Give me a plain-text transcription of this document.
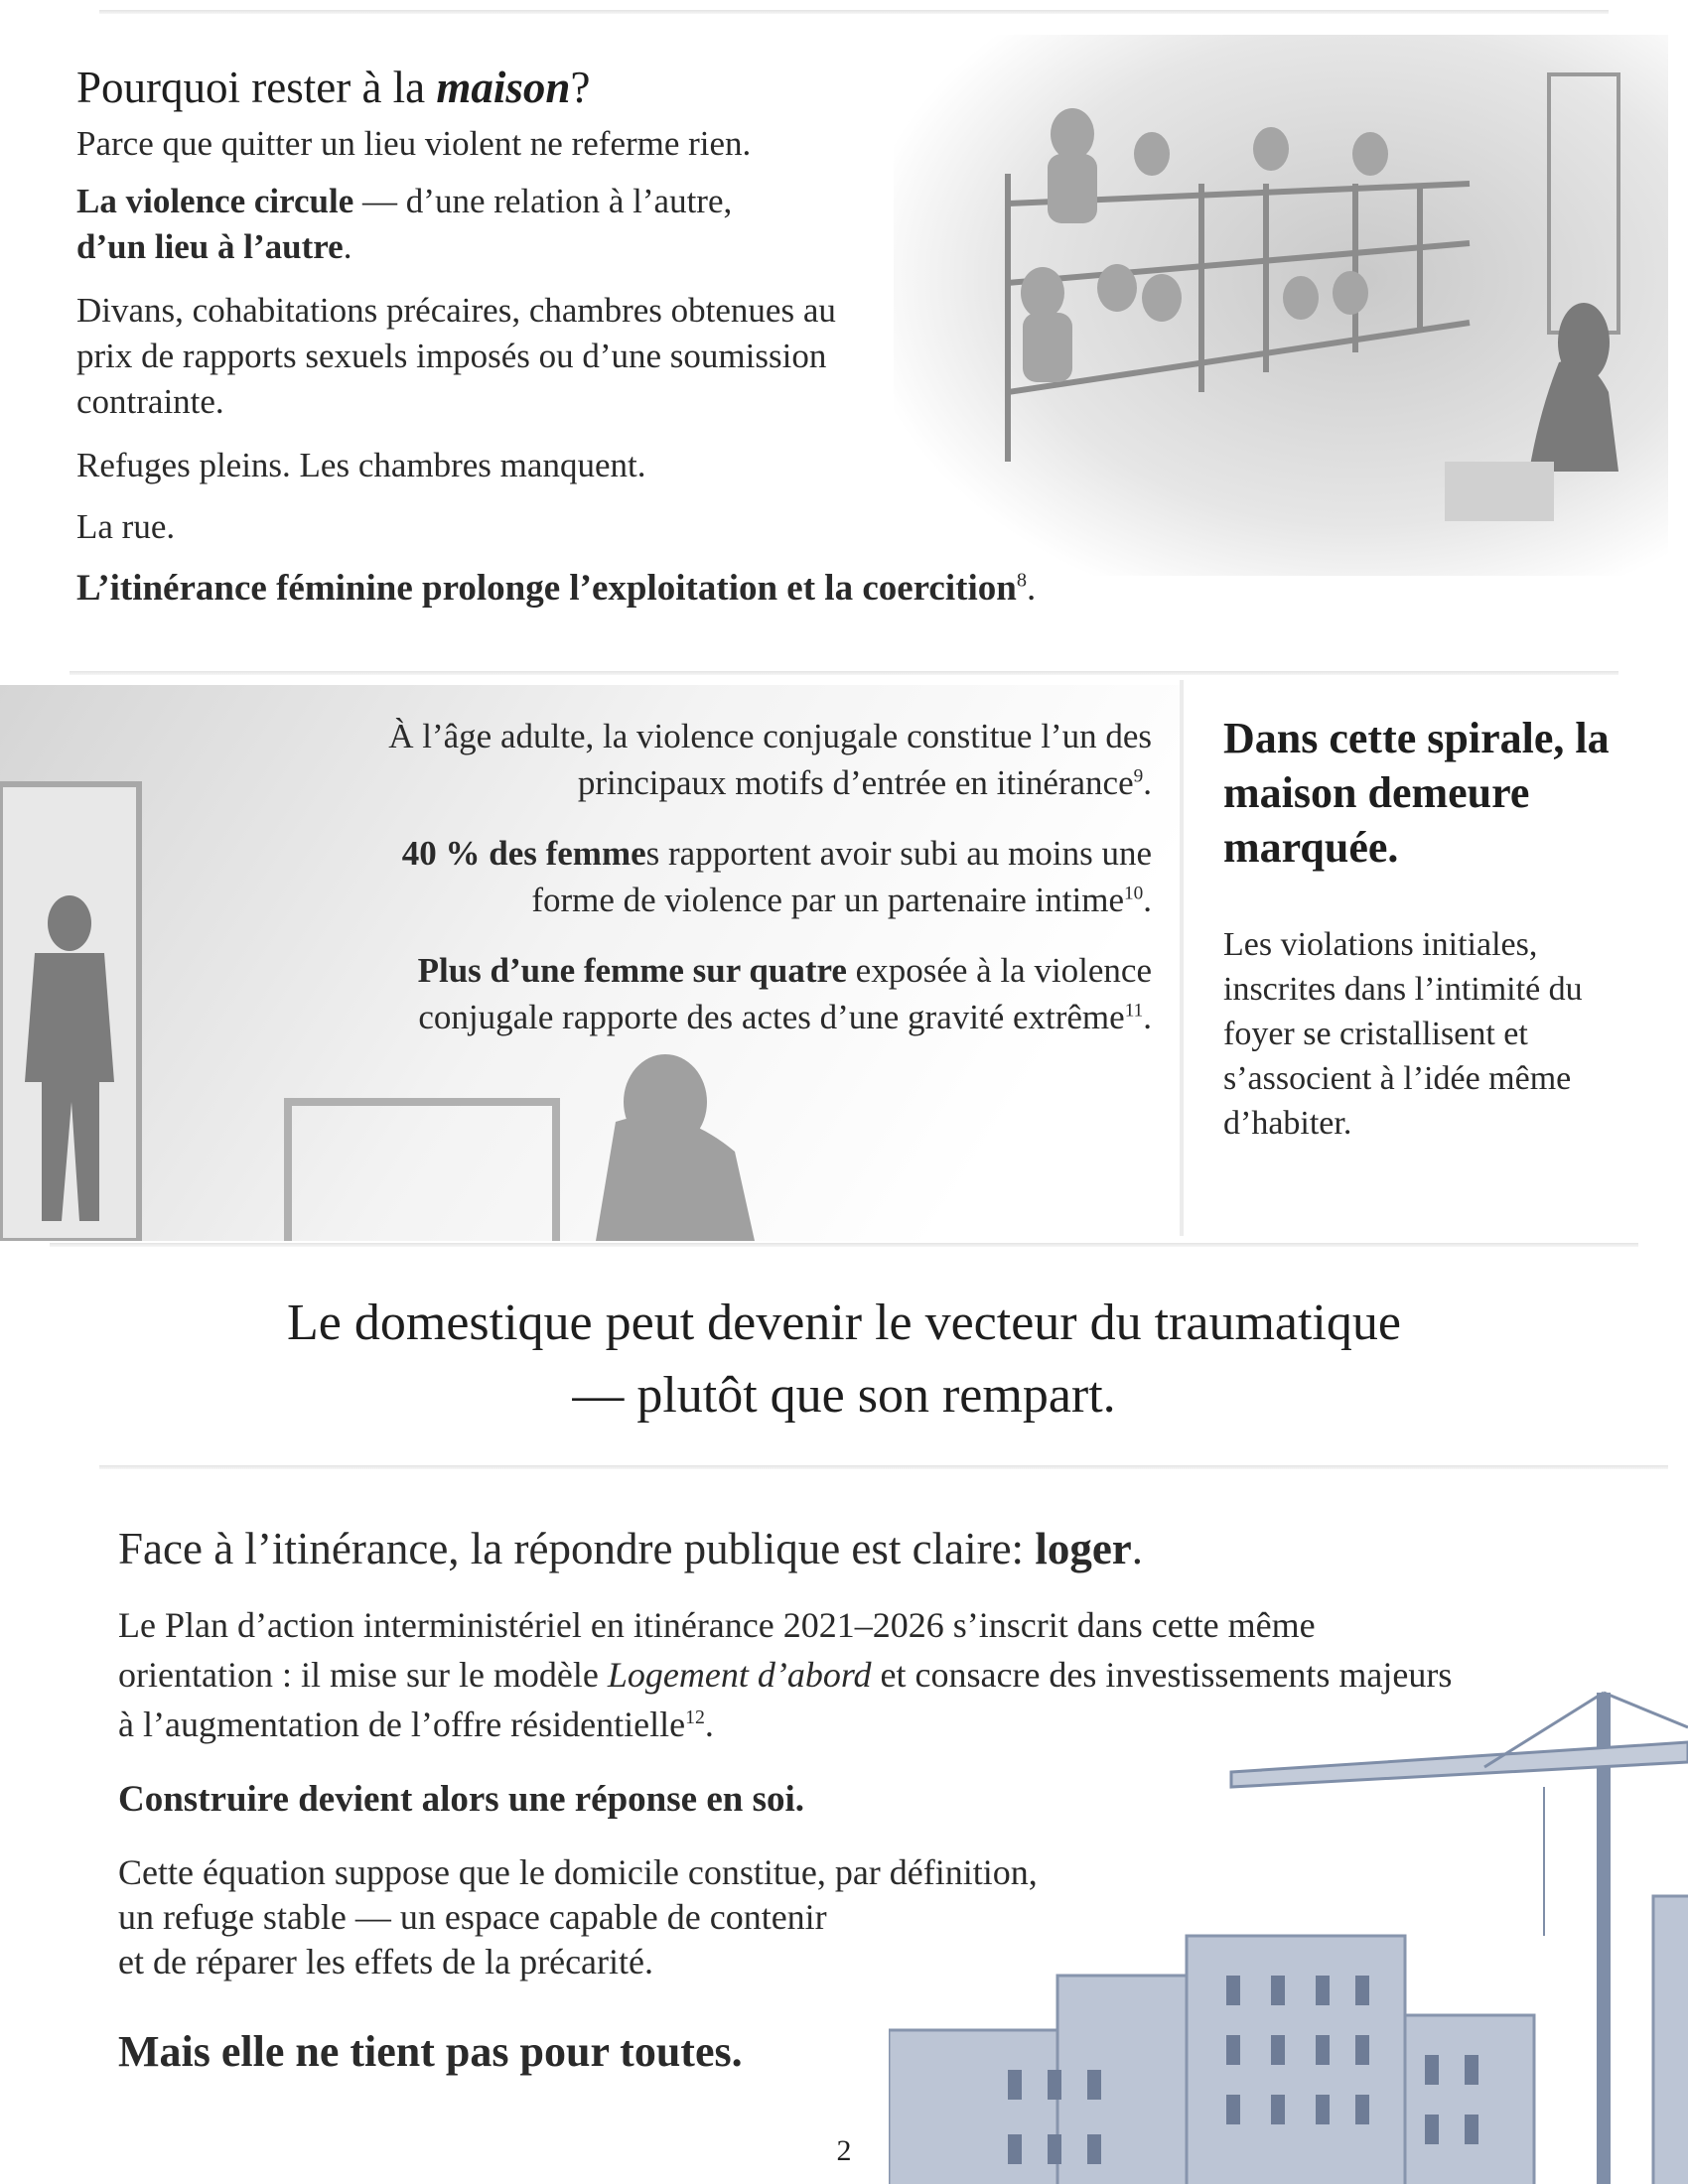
Pourquoi rester à la maison?

Parce que quitter un lieu violent ne referme rien.

La violence circule — d’une relation à l’autre,
d’un lieu à l’autre.

Divans, cohabitations précaires, chambres obtenues au prix de rapports sexuels imposés ou d’une soumission contrainte.

Refuges pleins. Les chambres manquent.

La rue.

L’itinérance féminine prolonge l’exploitation et la coercition$^8$.

À l’âge adulte, la violence conjugale constitue l’un des principaux motifs d’entrée en itinérance$^9$.

40 % des femmes rapportent avoir subi au moins une forme de violence par un partenaire intime$^{10}$.

Plus d’une femme sur quatre exposée à la violence conjugale rapporte des actes d’une gravité extrême$^{11}$.

Dans cette spirale, la maison demeure marquée.

Les violations initiales, inscrites dans l’intimité du foyer se cristallisent et s’associent à l’idée même d’habiter.

Le domestique peut devenir le vecteur du traumatique

— plutôt que son rempart.

Face à l’itinérance, la répondre publique est claire: loger.

Le Plan d’action interministériel en itinérance 2021–2026 s’inscrit dans cette même orientation : il mise sur le modèle Logement d’abord et consacre des investissements majeurs à l’augmentation de l’offre résidentielle$^{12}$.

Construire devient alors une réponse en soi.

Cette équation suppose que le domicile constitue, par définition,
un refuge stable — un espace capable de contenir
et de réparer les effets de la précarité.

Mais elle ne tient pas pour toutes.

2
